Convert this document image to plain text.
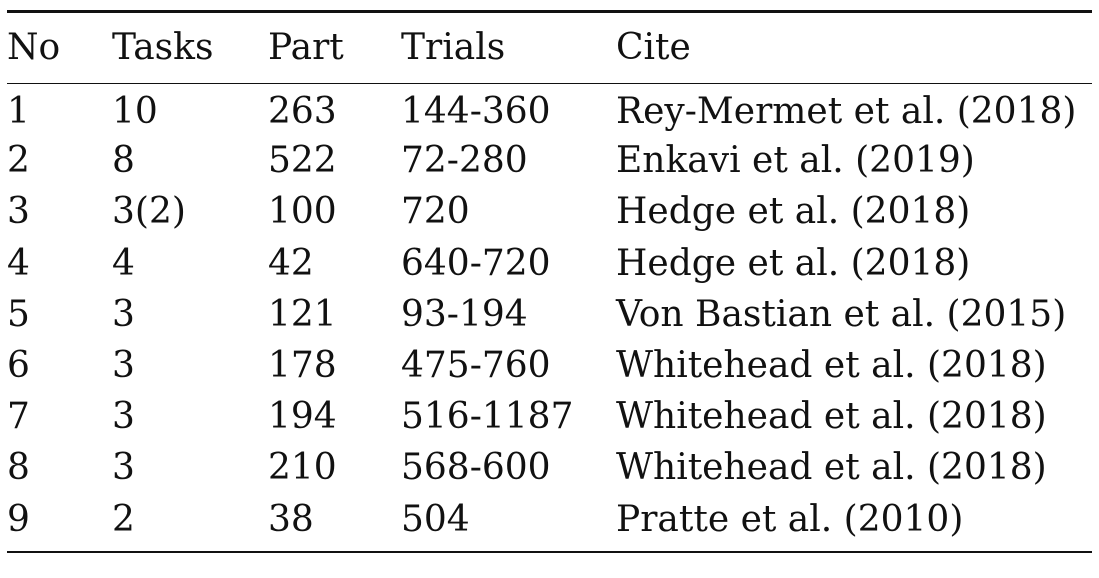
No	Tasks	Part	Trials	Cite
1	10	263	144-360	Rey-Mermet et al. (2018)
2	8	522	72-280	Enkavi et al. (2019)
3	3(2)	100	720	Hedge et al. (2018)
4	4	42	640-720	Hedge et al. (2018)
5	3	121	93-194	Von Bastian et al. (2015)
6	3	178	475-760	Whitehead et al. (2018)
7	3	194	516-1187	Whitehead et al. (2018)
8	3	210	568-600	Whitehead et al. (2018)
9	2	38	504	Pratte et al. (2010)
